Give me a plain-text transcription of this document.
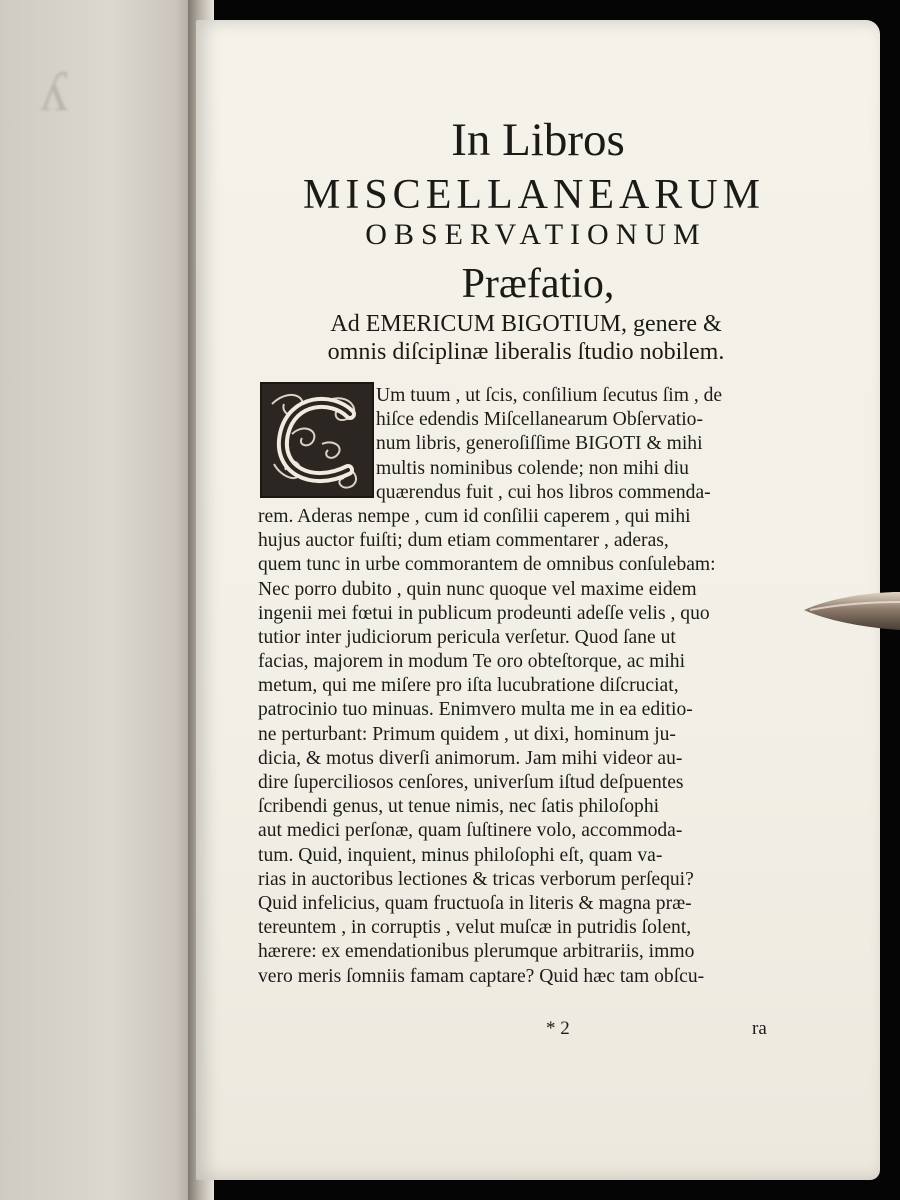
ʎ
In Libros
MISCELLANEARUM
OBSERVATIONUM
Præfatio,
Ad EMERICUM BIGOTIUM, genere &
omnis diſciplinæ liberalis ſtudio nobilem.
Um tuum , ut ſcis, conſilium ſecutus ſim , de
hiſce edendis Miſcellanearum Obſervatio-
num libris, generoſiſſime BIGOTI & mihi
multis nominibus colende; non mihi diu
quærendus fuit , cui hos libros commenda-
rem. Aderas nempe , cum id conſilii caperem , qui mihi
hujus auctor fuiſti; dum etiam commentarer , aderas,
quem tunc in urbe commorantem de omnibus conſulebam:
Nec porro dubito , quin nunc quoque vel maxime eidem
ingenii mei fœtui in publicum prodeunti adeſſe velis , quo
tutior inter judiciorum pericula verſetur. Quod ſane ut
facias, majorem in modum Te oro obteſtorque, ac mihi
metum, qui me miſere pro iſta lucubratione diſcruciat,
patrocinio tuo minuas. Enimvero multa me in ea editio-
ne perturbant: Primum quidem , ut dixi, hominum ju-
dicia, & motus diverſi animorum. Jam mihi videor au-
dire ſuperciliosos cenſores, univerſum iſtud deſpuentes
ſcribendi genus, ut tenue nimis, nec ſatis philoſophi
aut medici perſonæ, quam ſuſtinere volo, accommoda-
tum. Quid, inquient, minus philoſophi eſt, quam va-
rias in auctoribus lectiones & tricas verborum perſequi?
Quid infelicius, quam fructuoſa in literis & magna præ-
tereuntem , in corruptis , velut muſcæ in putridis ſolent,
hærere: ex emendationibus plerumque arbitrariis, immo
vero meris ſomniis famam captare? Quid hæc tam obſcu-
* 2	ra
